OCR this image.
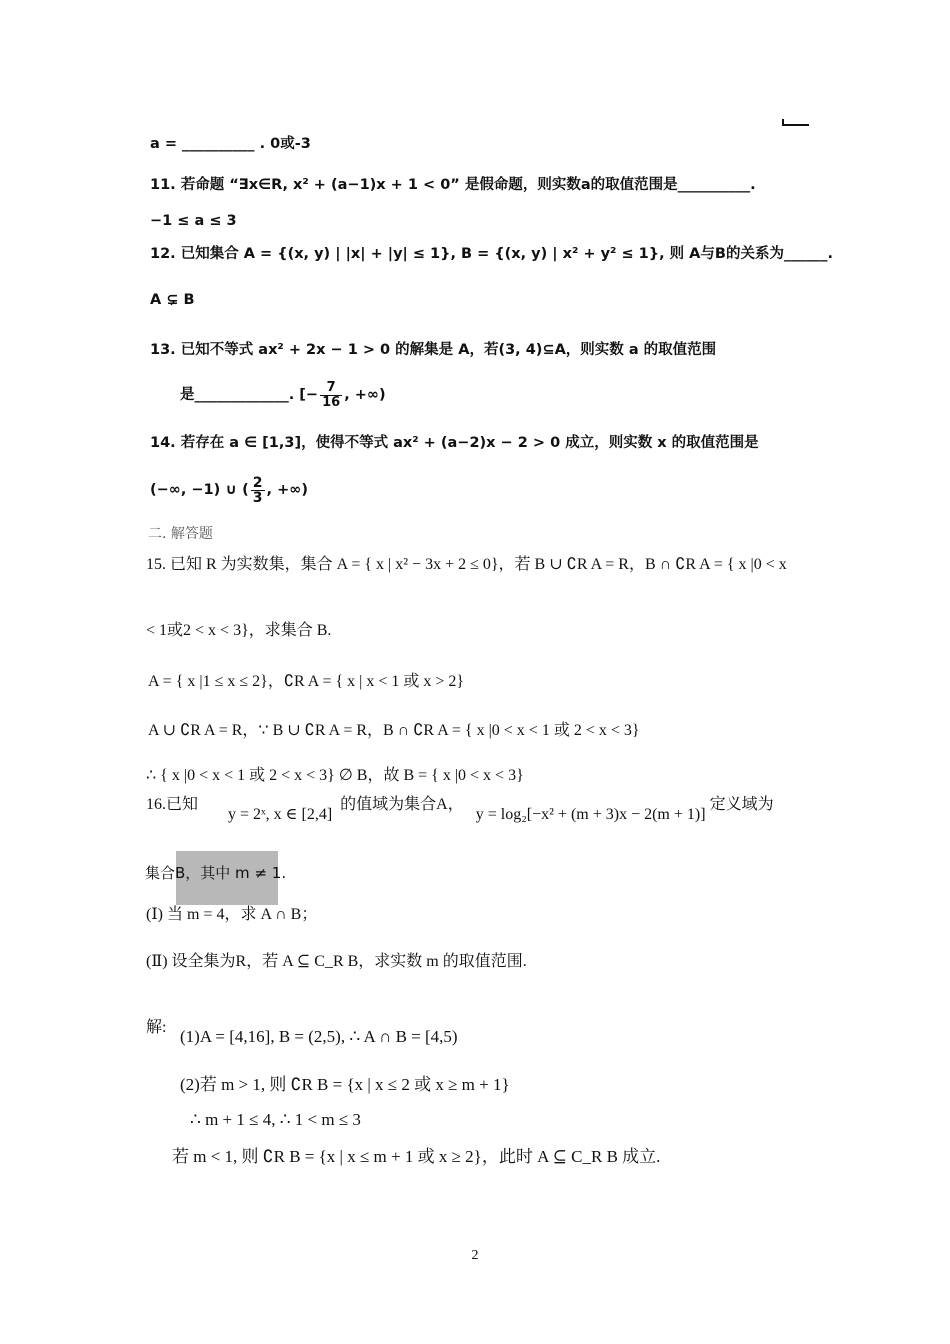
a = __________ . 0或-3
11. 若命题 “∃x∈R, x² + (a−1)x + 1 < 0” 是假命题，则实数a的取值范围是__________.
−1 ≤ a ≤ 3
12. 已知集合 A = {(x, y) | |x| + |y| ≤ 1}, B = {(x, y) | x² + y² ≤ 1}, 则 A与B的关系为______.
A ⊊ B
13. 已知不等式 ax² + 2x − 1 > 0 的解集是 A，若(3, 4)⊆A，则实数 a 的取值范围
是_____________. [− $\frac{7}{16}$ , +∞)
14. 若存在 a ∈ [1,3]，使得不等式 ax² + (a−2)x − 2 > 0 成立，则实数 x 的取值范围是
(−∞, −1) ∪ ( $\frac{2}{3}$ , +∞)
二. 解答题
15. 已知 R 为实数集，集合 A = { x | x² − 3x + 2 ≤ 0}，若 B ∪ ∁R A = R，B ∩ ∁R A = { x |0 < x
< 1或2 < x < 3}，求集合 B.
A = { x |1 ≤ x ≤ 2}，∁R A = { x | x < 1 或 x > 2}
A ∪ ∁R A = R，∵ B ∪ ∁R A = R，B ∩ ∁R A = { x |0 < x < 1 或 2 < x < 3}
∴ { x |0 < x < 1 或 2 < x < 3} ∅ B，故 B = { x |0 < x < 3}
16.已知 y = 2ˣ, x ∈ [2,4] 的值域为集合A， y = log₂[−x² + (m + 3)x − 2(m + 1)] 定义域为
集合B，其中 m ≠ 1.
(Ⅰ) 当 m = 4，求 A ∩ B；
(Ⅱ) 设全集为R，若 A ⊆ C_R B，求实数 m 的取值范围.
解: (1)A = [4,16], B = (2,5), ∴ A ∩ B = [4,5)
(2)若 m > 1, 则 ∁R B = {x | x ≤ 2 或 x ≥ m + 1}
∴ m + 1 ≤ 4, ∴ 1 < m ≤ 3
若 m < 1, 则 ∁R B = {x | x ≤ m + 1 或 x ≥ 2}，此时 A ⊆ C_R B 成立.
2
